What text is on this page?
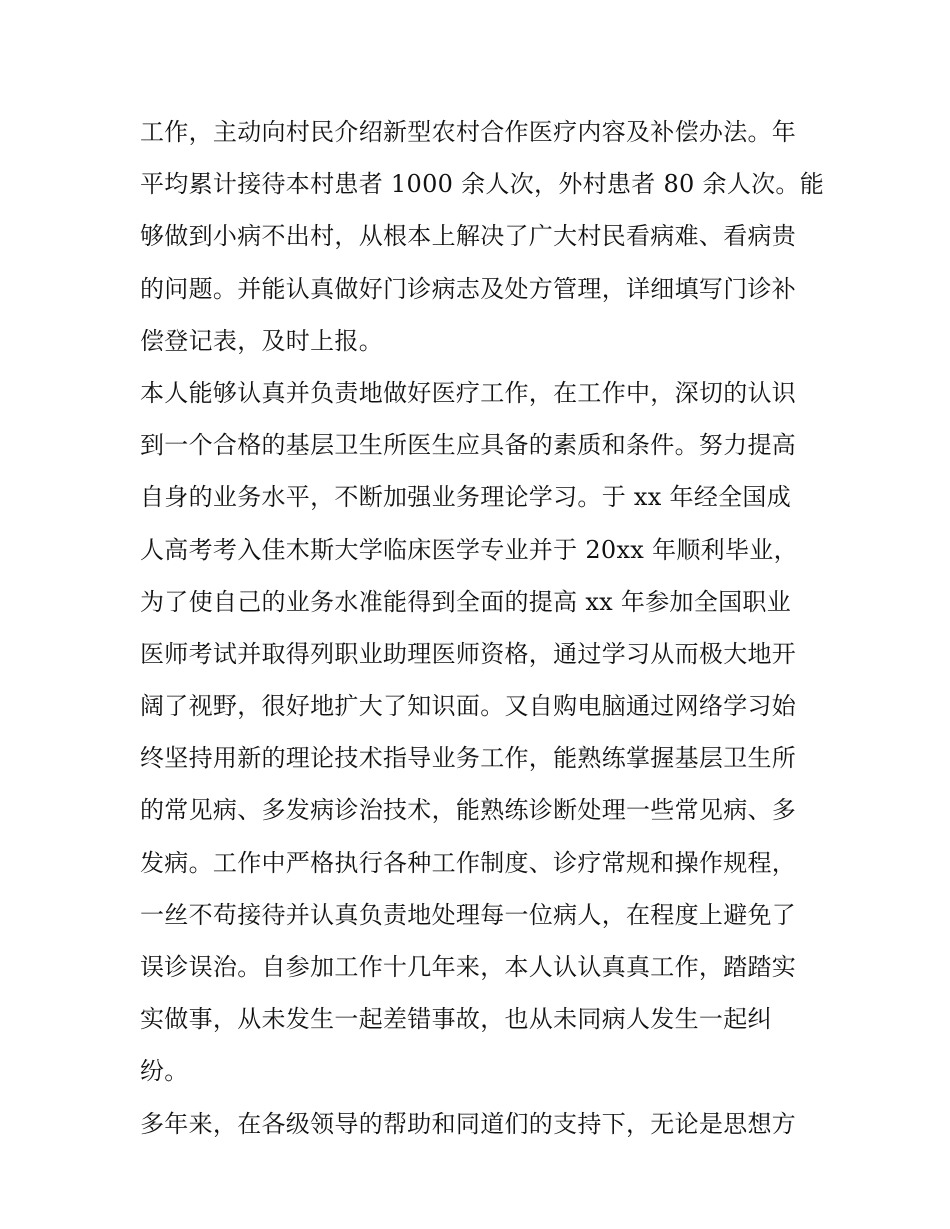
工作，主动向村民介绍新型农村合作医疗内容及补偿办法。年
平均累计接待本村患者 1000 余人次，外村患者 80 余人次。能
够做到小病不出村，从根本上解决了广大村民看病难、看病贵
的问题。并能认真做好门诊病志及处方管理，详细填写门诊补
偿登记表，及时上报。
本人能够认真并负责地做好医疗工作，在工作中，深切的认识
到一个合格的基层卫生所医生应具备的素质和条件。努力提高
自身的业务水平，不断加强业务理论学习。于 xx 年经全国成
人高考考入佳木斯大学临床医学专业并于 20xx 年顺利毕业，
为了使自己的业务水准能得到全面的提高 xx 年参加全国职业
医师考试并取得列职业助理医师资格，通过学习从而极大地开
阔了视野，很好地扩大了知识面。又自购电脑通过网络学习始
终坚持用新的理论技术指导业务工作，能熟练掌握基层卫生所
的常见病、多发病诊治技术，能熟练诊断处理一些常见病、多
发病。工作中严格执行各种工作制度、诊疗常规和操作规程，
一丝不苟接待并认真负责地处理每一位病人，在程度上避免了
误诊误治。自参加工作十几年来，本人认认真真工作，踏踏实
实做事，从未发生一起差错事故，也从未同病人发生一起纠
纷。
多年来，在各级领导的帮助和同道们的支持下，无论是思想方
